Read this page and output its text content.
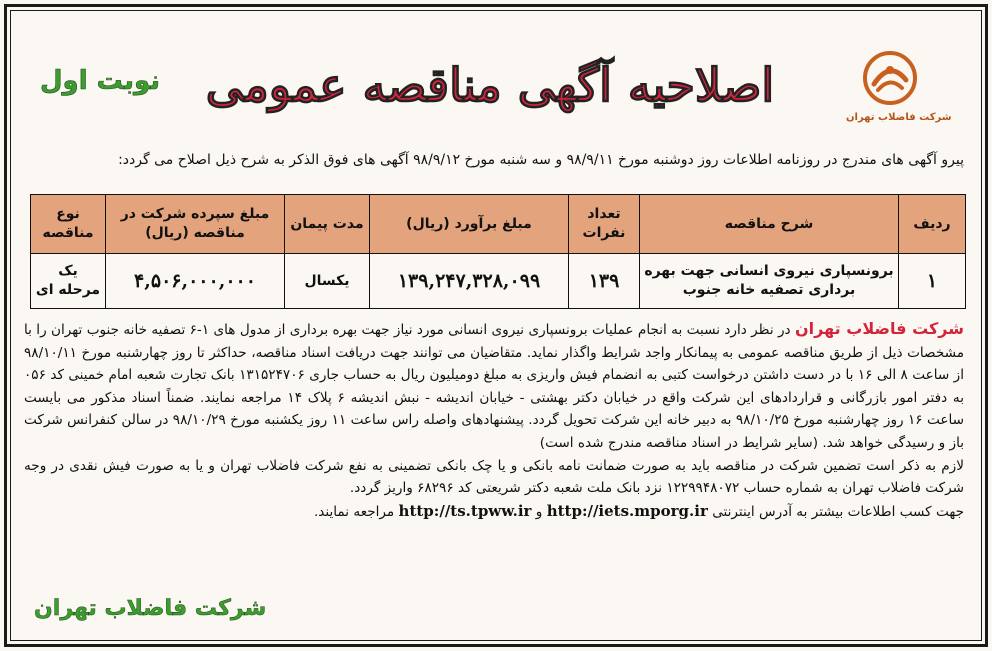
شرکت فاضلاب تهران
اصلاحیه آگهی مناقصه عمومی
نوبت اول
پیرو آگهی های مندرج در روزنامه اطلاعات روز دوشنبه مورخ ۹۸/۹/۱۱ و سه شنبه مورخ ۹۸/۹/۱۲ آگهی های فوق الذکر به شرح ذیل اصلاح می گردد:
ردیف	شرح مناقصه	تعداد نفرات	مبلغ برآورد (ریال)	مدت پیمان	مبلغ سپرده شرکت در مناقصه (ریال)	نوع مناقصه
۱	برونسپاری نیروی انسانی جهت بهره برداری تصفیه خانه جنوب	۱۳۹	۱۳۹,۲۴۷,۳۲۸,۰۹۹	یکسال	۴,۵۰۶,۰۰۰,۰۰۰	یک مرحله ای

شرکت فاضلاب تهران در نظر دارد نسبت به انجام عملیات برونسپاری نیروی انسانی مورد نیاز جهت بهره برداری از مدول های ۱-۶ تصفیه خانه جنوب تهران را با مشخصات ذیل از طریق مناقصه عمومی به پیمانکار واجد شرایط واگذار نماید. متقاضیان می توانند جهت دریافت اسناد مناقصه، حداکثر تا روز چهارشنبه مورخ ۹۸/۱۰/۱۱ از ساعت ۸ الی ۱۶ با در دست داشتن درخواست کتبی به انضمام فیش واریزی به مبلغ دومیلیون ریال به حساب جاری ۱۳۱۵۲۴۷۰۶ بانک تجارت شعبه امام خمینی کد ۰۵۶ به دفتر امور بازرگانی و قراردادهای این شرکت واقع در خیابان دکتر بهشتی - خیابان اندیشه - نبش اندیشه ۶ پلاک ۱۴ مراجعه نمایند. ضمناً اسناد مذکور می بایست ساعت ۱۶ روز چهارشنبه مورخ ۹۸/۱۰/۲۵ به دبیر خانه این شرکت تحویل گردد. پیشنهادهای واصله راس ساعت ۱۱ روز یکشنبه مورخ ۹۸/۱۰/۲۹ در سالن کنفرانس شرکت باز و رسیدگی خواهد شد. (سایر شرایط در اسناد مناقصه مندرج شده است)

لازم به ذکر است تضمین شرکت در مناقصه باید به صورت ضمانت نامه بانکی و یا چک بانکی تضمینی به نفع شرکت فاضلاب تهران و یا به صورت فیش نقدی در وجه شرکت فاضلاب تهران به شماره حساب ۱۲۲۹۹۴۸۰۷۲ نزد بانک ملت شعبه دکتر شریعتی کد ۶۸۲۹۶ واریز گردد.

جهت کسب اطلاعات بیشتر به آدرس اینترنتی http://iets.mporg.ir و http://ts.tpww.ir مراجعه نمایند.

شرکت فاضلاب تهران
